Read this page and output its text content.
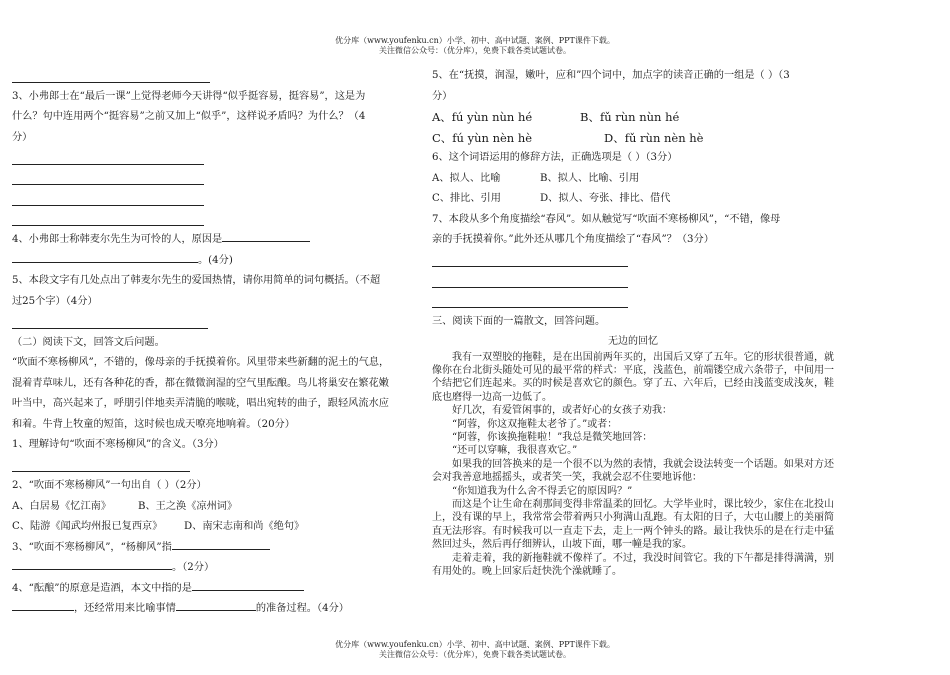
优分库（www.youfenku.cn）小学、初中、高中试题、案例、PPT课件下载。
关注微信公众号：（优分库），免费下载各类试题试卷。
3、小弗郎士在“最后一课”上觉得老师今天讲得“似乎挺容易，挺容易”，这是为
什么？句中连用两个“挺容易”之前又加上“似乎”，这样说矛盾吗？为什么？（4
分）
4、小弗郎士称韩麦尔先生为可怜的人，原因是
。(4分)
5、本段文字有几处点出了韩麦尔先生的爱国热情，请你用简单的词句概括。（不超
过25个字）（4分）
（二）阅读下文，回答文后问题。
“吹面不寒杨柳风”，不错的，像母亲的手抚摸着你。风里带来些新翻的泥土的气息，
混着青草味儿，还有各种花的香，都在微微润湿的空气里酝酿。鸟儿将巢安在繁花嫩
叶当中，高兴起来了，呼朋引伴地卖弄清脆的喉咙，唱出宛转的曲子，跟轻风流水应
和着。牛背上牧童的短笛，这时候也成天嘹亮地响着。（20分）
1、理解诗句“吹面不寒杨柳风”的含义。（3分）
2、“吹面不寒杨柳风”一句出自（ ）（2分）
A、白居易《忆江南》	B、王之涣《凉州词》
C、陆游《闻武均州报已复西京》	D、南宋志南和尚《绝句》
3、“吹面不寒杨柳风”，“杨柳风”指
。（2分）
4、“酝酿”的原意是造酒，本文中指的是
，还经常用来比喻事情	的准备过程。（4分）
5、在“抚摸，润湿，嫩叶，应和”四个词中，加点字的读音正确的一组是（ ）（3
分）
A、fú yùn nùn hé	B、fǔ rùn nùn hé
C、fú yùn nèn hè	D、fǔ rùn nèn hè
6、这个词语运用的修辞方法，正确选项是（ ）（3分）
A、拟人、比喻	B、拟人、比喻、引用
C、排比、引用	D、拟人、夸张、排比、借代
7、本段从多个角度描绘“春风”。如从触觉写“吹面不寒杨柳风”，“不错，像母
亲的手抚摸着你。”此外还从哪几个角度描绘了“春风”？（3分）
三、阅读下面的一篇散文，回答问题。
无边的回忆

我有一双塑胶的拖鞋，是在出国前两年买的，出国后又穿了五年。它的形状很普通，就像你在台北街头随处可见的最平常的样式：平底，浅蓝色，前端镂空成六条带子，中间用一个结把它们连起来。买的时候是喜欢它的颜色。穿了五、六年后，已经由浅蓝变成浅灰，鞋底也磨得一边高一边低了。

好几次，有爱管闲事的，或者好心的女孩子劝我：

“阿蓉，你这双拖鞋太老爷了。”或者：

“阿蓉，你该换拖鞋啦！”我总是微笑地回答：

“还可以穿嘛，我很喜欢它。”

如果我的回答换来的是一个很不以为然的表情，我就会设法转变一个话题。如果对方还会对我善意地摇摇头，或者笑一笑，我就会忍不住要地诉他：

“你知道我为什么舍不得丢它的原因吗？”

而这是个让生命在刹那间变得非常温柔的回忆。大学毕业时，课比较少，家住在北投山上，没有课的早上，我常常会带着两只小狗满山乱跑。有太阳的日子，大屯山腰上的美丽简直无法形容。有时候我可以一直走下去，走上一两个钟头的路。最让我快乐的是在行走中猛然回过头，然后再仔细辨认，山坡下面，哪一幢是我的家。

走着走着，我的新拖鞋就不像样了。不过，我没时间管它。我的下午都是排得满满，别有用处的。晚上回家后赶快洗个澡就睡了。

优分库（www.youfenku.cn）小学、初中、高中试题、案例、PPT课件下载。
关注微信公众号：（优分库），免费下载各类试题试卷。
